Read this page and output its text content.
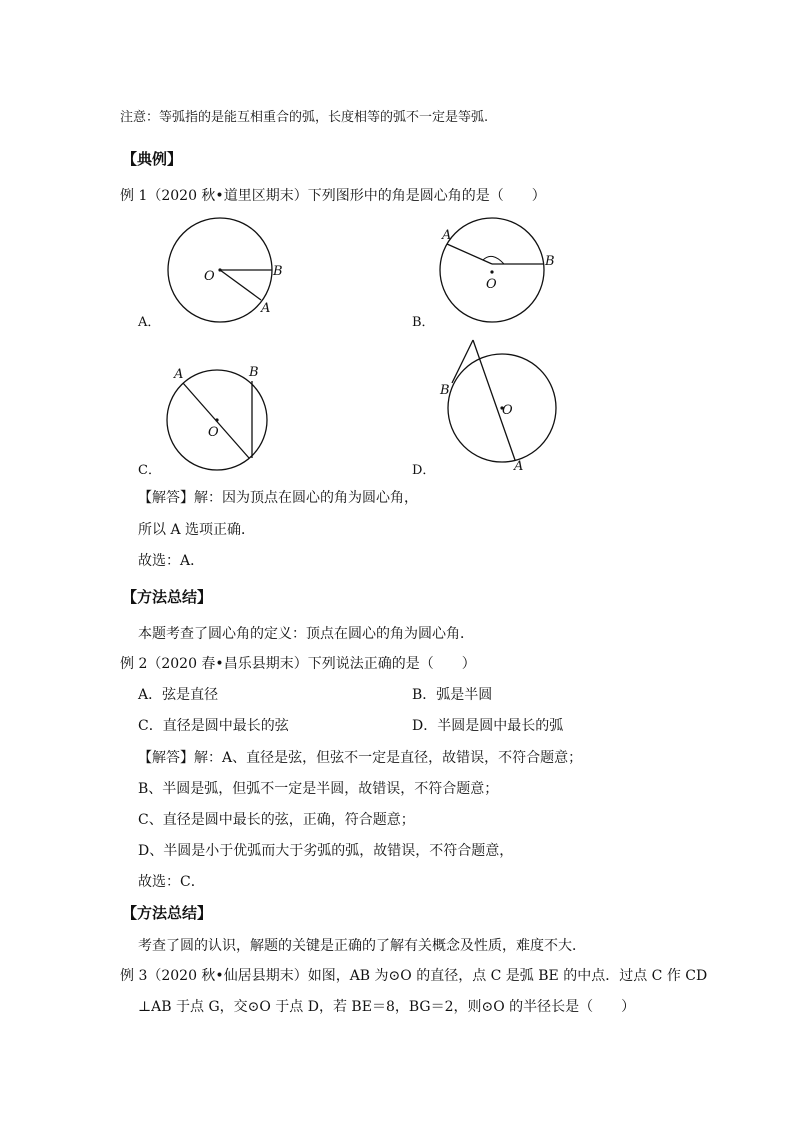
注意：等弧指的是能互相重合的弧，长度相等的弧不一定是等弧.
【典例】
例 1（2020 秋•道里区期末）下列图形中的角是圆心角的是（　　）
O	B
A
A．
O
A
B
B．
O
A	B
C．
O
B
A
D．
【解答】解：因为顶点在圆心的角为圆心角，
所以 A 选项正确．
故选：A．
【方法总结】
本题考查了圆心角的定义：顶点在圆心的角为圆心角．
例 2（2020 春•昌乐县期末）下列说法正确的是（　　）
A．弦是直径	B．弧是半圆
C．直径是圆中最长的弦	D．半圆是圆中最长的弧
【解答】解：A、直径是弦，但弦不一定是直径，故错误，不符合题意；
B、半圆是弧，但弧不一定是半圆，故错误，不符合题意；
C、直径是圆中最长的弦，正确，符合题意；
D、半圆是小于优弧而大于劣弧的弧，故错误，不符合题意，
故选：C．
【方法总结】
考查了圆的认识，解题的关键是正确的了解有关概念及性质，难度不大．
例 3（2020 秋•仙居县期末）如图，AB 为⊙O 的直径，点 C 是弧 BE 的中点．过点 C 作 CD
⊥AB 于点 G，交⊙O 于点 D，若 BE＝8，BG＝2，则⊙O 的半径长是（　　）
